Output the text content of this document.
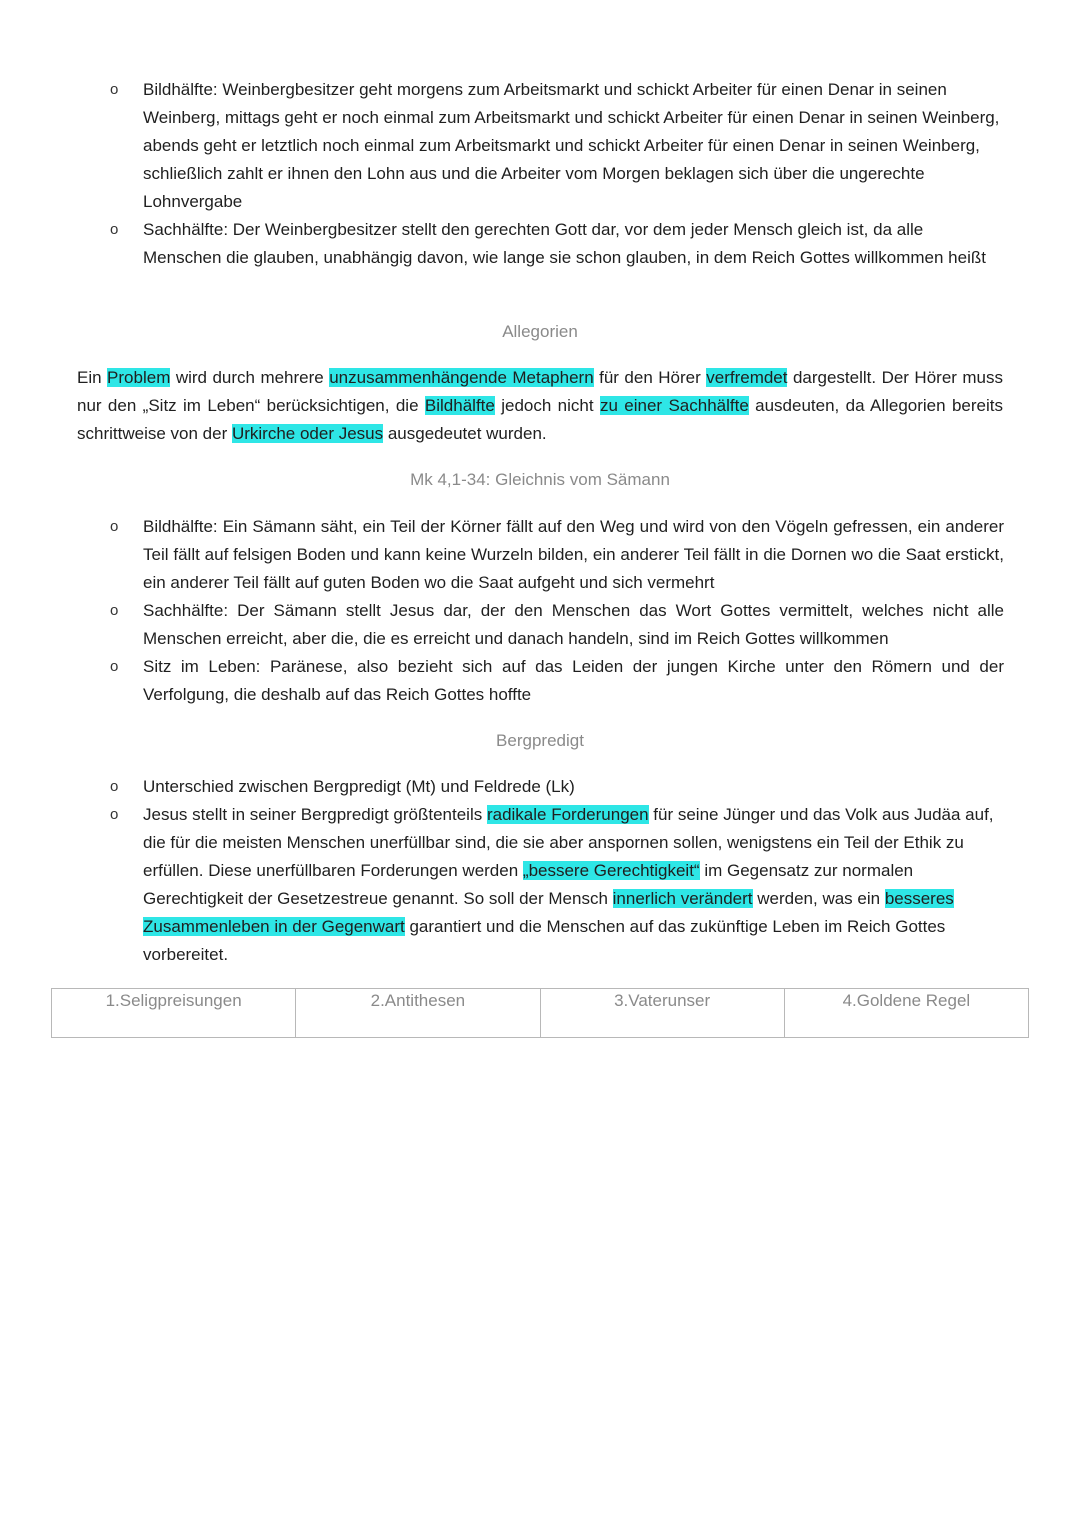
o Bildhälfte: Weinbergbesitzer geht morgens zum Arbeitsmarkt und schickt Arbeiter für einen Denar in seinen Weinberg, mittags geht er noch einmal zum Arbeitsmarkt und schickt Arbeiter für einen Denar in seinen Weinberg, abends geht er letztlich noch einmal zum Arbeitsmarkt und schickt Arbeiter für einen Denar in seinen Weinberg, schließlich zahlt er ihnen den Lohn aus und die Arbeiter vom Morgen beklagen sich über die ungerechte Lohnvergabe
o Sachhälfte: Der Weinbergbesitzer stellt den gerechten Gott dar, vor dem jeder Mensch gleich ist, da alle Menschen die glauben, unabhängig davon, wie lange sie schon glauben, in dem Reich Gottes willkommen heißt
Allegorien

Ein Problem wird durch mehrere unzusammenhängende Metaphern für den Hörer verfremdet dargestellt. Der Hörer muss nur den „Sitz im Leben“ berücksichtigen, die Bildhälfte jedoch nicht zu einer Sachhälfte ausdeuten, da Allegorien bereits schrittweise von der Urkirche oder Jesus ausgedeutet wurden.

Mk 4,1-34: Gleichnis vom Sämann
o Bildhälfte: Ein Sämann säht, ein Teil der Körner fällt auf den Weg und wird von den Vögeln gefressen, ein anderer Teil fällt auf felsigen Boden und kann keine Wurzeln bilden, ein anderer Teil fällt in die Dornen wo die Saat erstickt, ein anderer Teil fällt auf guten Boden wo die Saat aufgeht und sich vermehrt
o Sachhälfte: Der Sämann stellt Jesus dar, der den Menschen das Wort Gottes vermittelt, welches nicht alle Menschen erreicht, aber die, die es erreicht und danach handeln, sind im Reich Gottes willkommen
o Sitz im Leben: Paränese, also bezieht sich auf das Leiden der jungen Kirche unter den Römern und der Verfolgung, die deshalb auf das Reich Gottes hoffte
Bergpredigt
o Unterschied zwischen Bergpredigt (Mt) und Feldrede (Lk)
o Jesus stellt in seiner Bergpredigt größtenteils radikale Forderungen für seine Jünger und das Volk aus Judäa auf, die für die meisten Menschen unerfüllbar sind, die sie aber anspornen sollen, wenigstens ein Teil der Ethik zu erfüllen. Diese unerfüllbaren Forderungen werden „bessere Gerechtigkeit“ im Gegensatz zur normalen Gerechtigkeit der Gesetzestreue genannt. So soll der Mensch innerlich verändert werden, was ein besseres Zusammenleben in der Gegenwart garantiert und die Menschen auf das zukünftige Leben im Reich Gottes vorbereitet.
1.Seligpreisungen	2.Antithesen	3.Vaterunser	4.Goldene Regel
